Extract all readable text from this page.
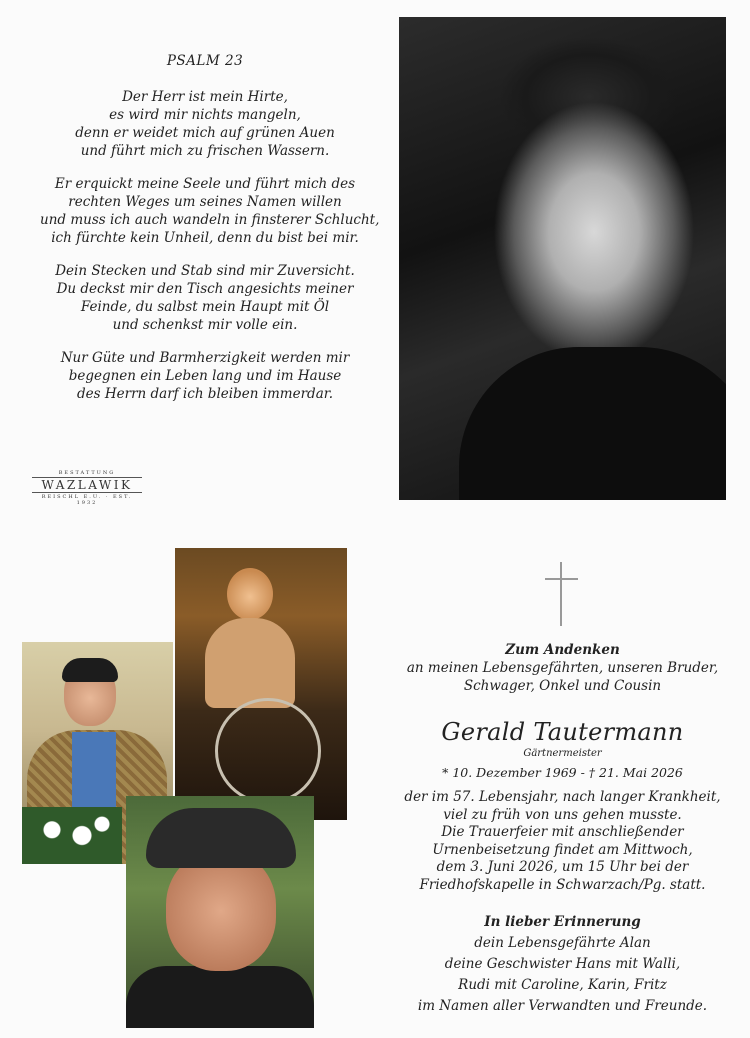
PSALM 23
Der Herr ist mein Hirte,
es wird mir nichts mangeln,
denn er weidet mich auf grünen Auen
und führt mich zu frischen Wassern.
Er erquickt meine Seele und führt mich des
rechten Weges um seines Namen willen
und muss ich auch wandeln in finsterer Schlucht,
ich fürchte kein Unheil, denn du bist bei mir.
Dein Stecken und Stab sind mir Zuversicht.
Du deckst mir den Tisch angesichts meiner
Feinde, du salbst mein Haupt mit Öl
und schenkst mir volle ein.
Nur Güte und Barmherzigkeit werden mir
begegnen ein Leben lang und im Hause
des Herrn darf ich bleiben immerdar.
BESTATTUNG
WAZLAWIK
REISCHL E.U. · EST. 1932
Zum Andenken
an meinen Lebensgefährten, unseren Bruder,
Schwager, Onkel und Cousin
Gerald Tautermann
Gärtnermeister
* 10. Dezember 1969 - † 21. Mai 2026
der im 57. Lebensjahr, nach langer Krankheit,
viel zu früh von uns gehen musste.
Die Trauerfeier mit anschließender
Urnenbeisetzung findet am Mittwoch,
dem 3. Juni 2026, um 15 Uhr bei der
Friedhofskapelle in Schwarzach/Pg. statt.
In lieber Erinnerung
dein Lebensgefährte Alan
deine Geschwister Hans mit Walli,
Rudi mit Caroline, Karin, Fritz
im Namen aller Verwandten und Freunde.
